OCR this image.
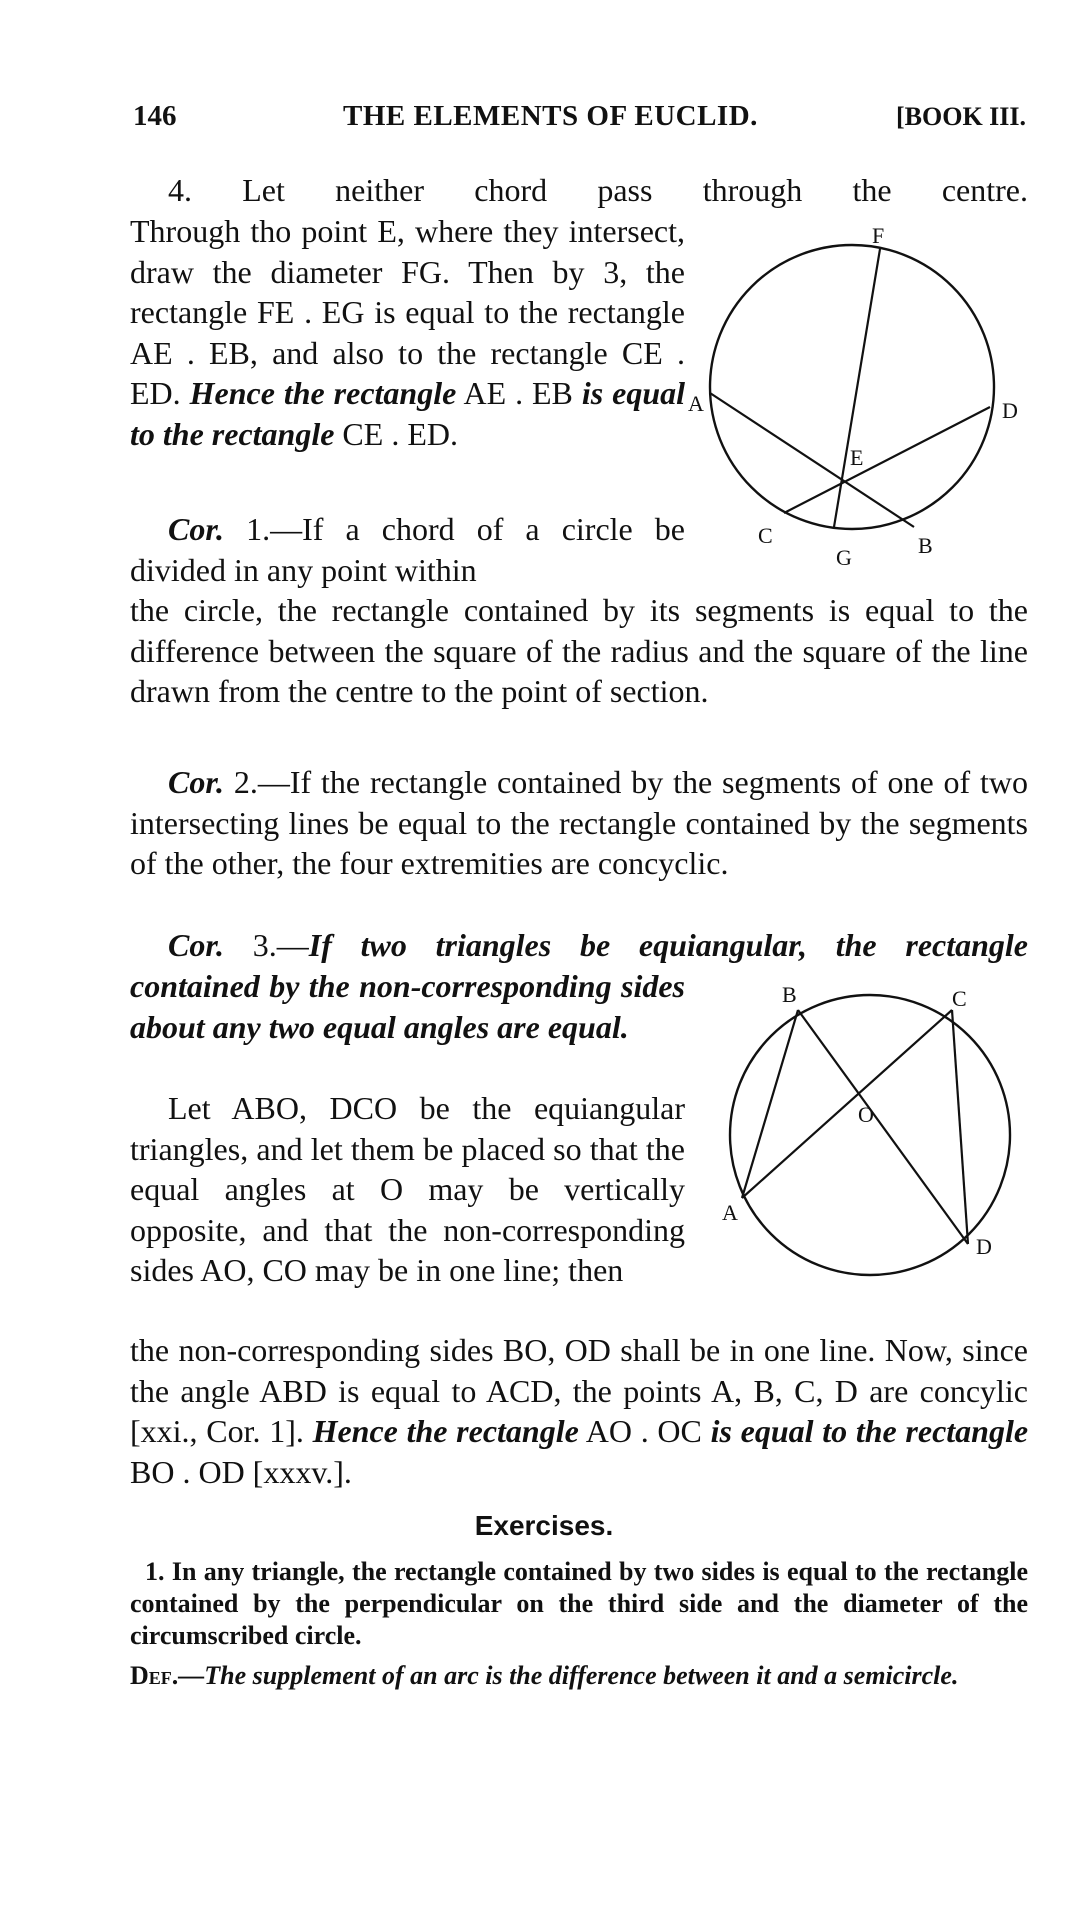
146	THE ELEMENTS OF EUCLID.	[BOOK III.
4. Let neither chord pass through the centre.
Through tho point E, where they intersect, draw the diameter FG. Then by 3, the rectangle FE . EG is equal to the rectangle AE . EB, and also to the rectangle CE . ED. Hence the rectangle AE . EB is equal to the rectangle CE . ED.
F
A	D
E
C
G	B
Cor. 1.—If a chord of a circle be divided in any point within
the circle, the rectangle contained by its segments is equal to the difference between the square of the radius and the square of the line drawn from the centre to the point of section.
Cor. 2.—If the rectangle contained by the segments of one of two intersecting lines be equal to the rectangle contained by the segments of the other, the four extremities are concyclic.
Cor. 3.—If two triangles be equiangular, the rectangle
contained by the non-corresponding sides about any two equal angles are equal.
Let ABO, DCO be the equiangular triangles, and let them be placed so that the equal angles at O may be vertically opposite, and that the non-corresponding sides AO, CO may be in one line; then
the non-corresponding sides BO, OD shall be in one line. Now, since the angle ABD is equal to ACD, the points A, B, C, D are concylic [xxi., Cor. 1]. Hence the rectangle AO . OC is equal to the rectangle BO . OD [xxxv.].
B	C
O
A
D
Exercises.
1. In any triangle, the rectangle contained by two sides is equal to the rectangle contained by the perpendicular on the third side and the diameter of the circumscribed circle.
Def.—The supplement of an arc is the difference between it and a semicircle.
